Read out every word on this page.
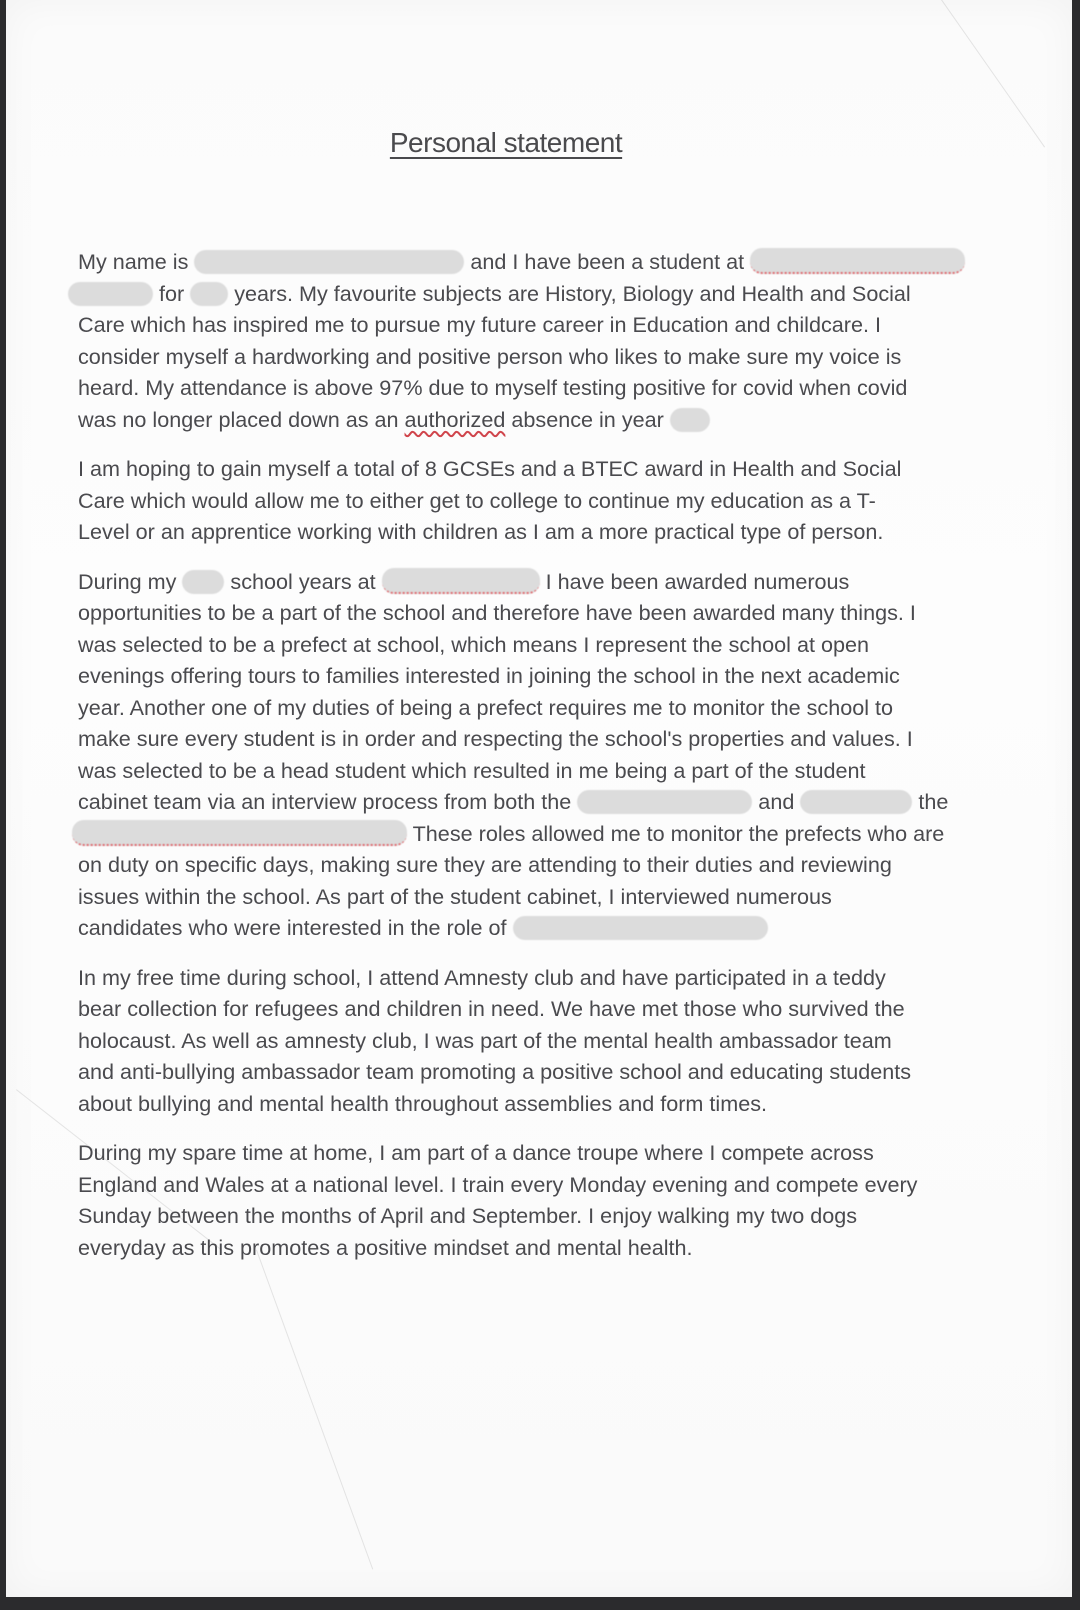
Personal statement
My name is	and I have been a student at
for  years. My favourite subjects are History, Biology and Health and Social
Care which has inspired me to pursue my future career in Education and childcare. I
consider myself a hardworking and positive person who likes to make sure my voice is
heard. My attendance is above 97% due to myself testing positive for covid when covid
was no longer placed down as an authorized absence in year
I am hoping to gain myself a total of 8 GCSEs and a BTEC award in Health and Social
Care which would allow me to either get to college to continue my education as a T-
Level or an apprentice working with children as I am a more practical type of person.
During my  school years at	I have been awarded numerous
opportunities to be a part of the school and therefore have been awarded many things. I
was selected to be a prefect at school, which means I represent the school at open
evenings offering tours to families interested in joining the school in the next academic
year. Another one of my duties of being a prefect requires me to monitor the school to
make sure every student is in order and respecting the school's properties and values. I
was selected to be a head student which resulted in me being a part of the student
cabinet team via an interview process from both the	and	the
These roles allowed me to monitor the prefects who are
on duty on specific days, making sure they are attending to their duties and reviewing
issues within the school. As part of the student cabinet, I interviewed numerous
candidates who were interested in the role of
In my free time during school, I attend Amnesty club and have participated in a teddy
bear collection for refugees and children in need. We have met those who survived the
holocaust. As well as amnesty club, I was part of the mental health ambassador team
and anti-bullying ambassador team promoting a positive school and educating students
about bullying and mental health throughout assemblies and form times.
During my spare time at home, I am part of a dance troupe where I compete across
England and Wales at a national level. I train every Monday evening and compete every
Sunday between the months of April and September. I enjoy walking my two dogs
everyday as this promotes a positive mindset and mental health.
